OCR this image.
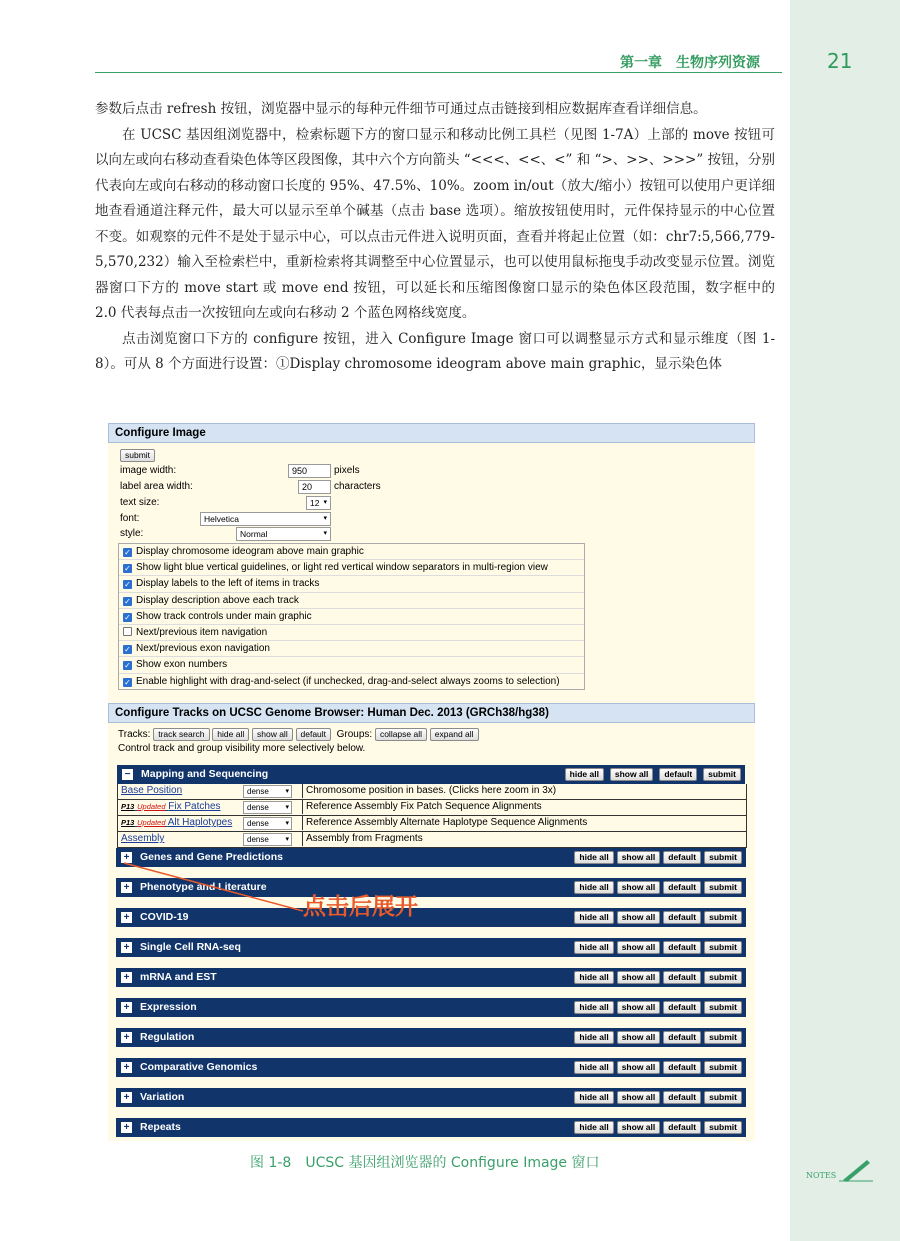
第一章　生物序列资源	21

参数后点击 refresh 按钮，浏览器中显示的每种元件细节可通过点击链接到相应数据库查看详细信息。

在 UCSC 基因组浏览器中，检索标题下方的窗口显示和移动比例工具栏（见图 1-7A）上部的 move 按钮可以向左或向右移动查看染色体等区段图像，其中六个方向箭头 “<<<、<<、<” 和 “>、>>、>>>” 按钮，分别代表向左或向右移动的移动窗口长度的 95%、47.5%、10%。zoom in/out（放大/缩小）按钮可以使用户更详细地查看通道注释元件，最大可以显示至单个碱基（点击 base 选项）。缩放按钮使用时，元件保持显示的中心位置不变。如观察的元件不是处于显示中心，可以点击元件进入说明页面，查看并将起止位置（如：chr7:5,566,779-5,570,232）输入至检索栏中，重新检索将其调整至中心位置显示，也可以使用鼠标拖曳手动改变显示位置。浏览器窗口下方的 move start 或 move end 按钮，可以延长和压缩图像窗口显示的染色体区段范围，数字框中的 2.0 代表每点击一次按钮向左或向右移动 2 个蓝色网格线宽度。

点击浏览窗口下方的 configure 按钮，进入 Configure Image 窗口可以调整显示方式和显示维度（图 1-8）。可从 8 个方面进行设置：①Display chromosome ideogram above main graphic，显示染色体

Configure Image
submit
image width:	950	pixels
label area width:	20	characters
text size:	12 ▾
font:	Helvetica	▾
style:	Normal	▾
✓ Display chromosome ideogram above main graphic
✓ Show light blue vertical guidelines, or light red vertical window separators in multi-region view
✓ Display labels to the left of items in tracks
✓ Display description above each track
✓ Show track controls under main graphic
Next/previous item navigation
✓ Next/previous exon navigation
✓ Show exon numbers
✓ Enable highlight with drag-and-select (if unchecked, drag-and-select always zooms to selection)
Configure Tracks on UCSC Genome Browser: Human Dec. 2013 (GRCh38/hg38)
Tracks: track search hide all show all default Groups: collapse all expand all
Control track and group visibility more selectively below.
− Mapping and Sequencing	hide all show all default submit
Base Position	dense ▾	Chromosome position in bases. (Clicks here zoom in 3x)
P13 Updated Fix Patches	dense ▾	Reference Assembly Fix Patch Sequence Alignments
P13 Updated Alt Haplotypes	dense ▾	Reference Assembly Alternate Haplotype Sequence Alignments
Assembly	dense ▾	Assembly from Fragments
+ Genes and Gene Predictions	hide all show all default submit
+ Phenotype and Literature	hide all show all default submit
+ COVID-19	hide all show all default submit
+ Single Cell RNA-seq	hide all show all default submit
+ mRNA and EST	hide all show all default submit
+ Expression	hide all show all default submit
+ Regulation	hide all show all default submit
+ Comparative Genomics	hide all show all default submit
+ Variation	hide all show all default submit
+ Repeats	hide all show all default submit
点击后展开
图 1-8　UCSC 基因组浏览器的 Configure Image 窗口
NOTES
